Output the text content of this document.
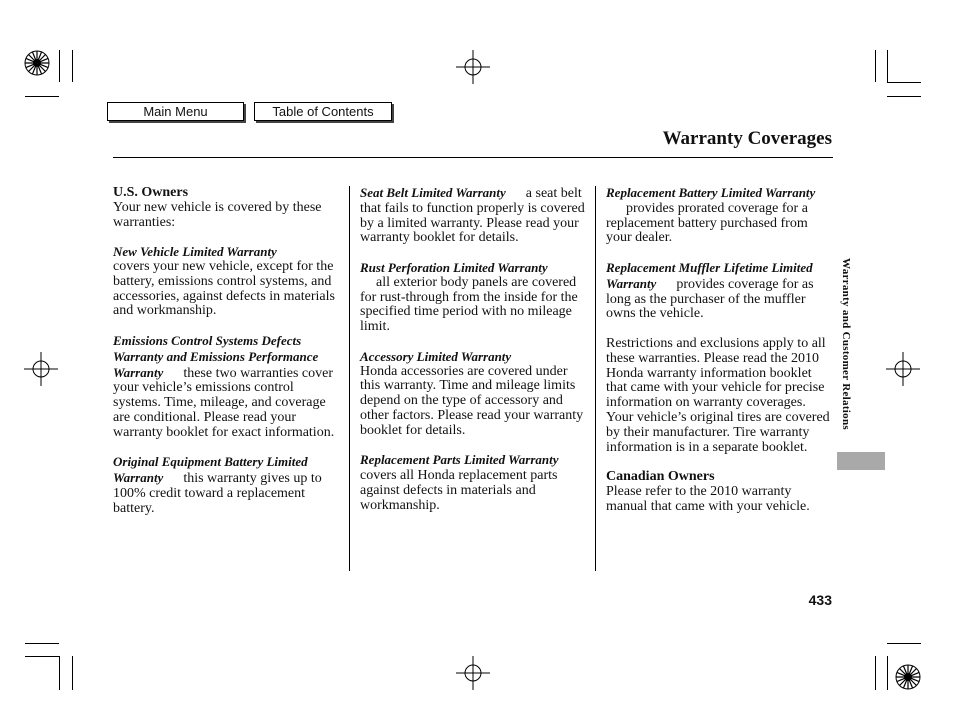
Main Menu	Table of Contents
Warranty Coverages

U.S. Owners
Your new vehicle is covered by these warranties:

New Vehicle Limited Warranty
covers your new vehicle, except for the battery, emissions control systems, and accessories, against defects in materials and workmanship.

Emissions Control Systems Defects Warranty and Emissions Performance Warranty these two warranties cover your vehicle’s emissions control systems. Time, mileage, and coverage are conditional. Please read your warranty booklet for exact information.

Original Equipment Battery Limited Warranty this warranty gives up to 100% credit toward a replacement battery.

Seat Belt Limited Warranty a seat belt that fails to function properly is covered by a limited warranty. Please read your warranty booklet for details.

Rust Perforation Limited Warranty
all exterior body panels are covered for rust-through from the inside for the specified time period with no mileage limit.

Accessory Limited Warranty
Honda accessories are covered under this warranty. Time and mileage limits depend on the type of accessory and other factors. Please read your warranty booklet for details.

Replacement Parts Limited Warrantycovers all Honda replacement parts against defects in materials and workmanship.

Replacement Battery Limited Warrantyprovides prorated coverage for a replacement battery purchased from your dealer.

Replacement Muffler Lifetime Limited Warranty provides coverage for as long as the purchaser of the muffler owns the vehicle.

Restrictions and exclusions apply to all these warranties. Please read the 2010 Honda warranty information booklet that came with your vehicle for precise information on warranty coverages. Your vehicle’s original tires are covered by their manufacturer. Tire warranty information is in a separate booklet.

Canadian Owners
Please refer to the 2010 warranty manual that came with your vehicle.

Warranty and Customer Relations
433
